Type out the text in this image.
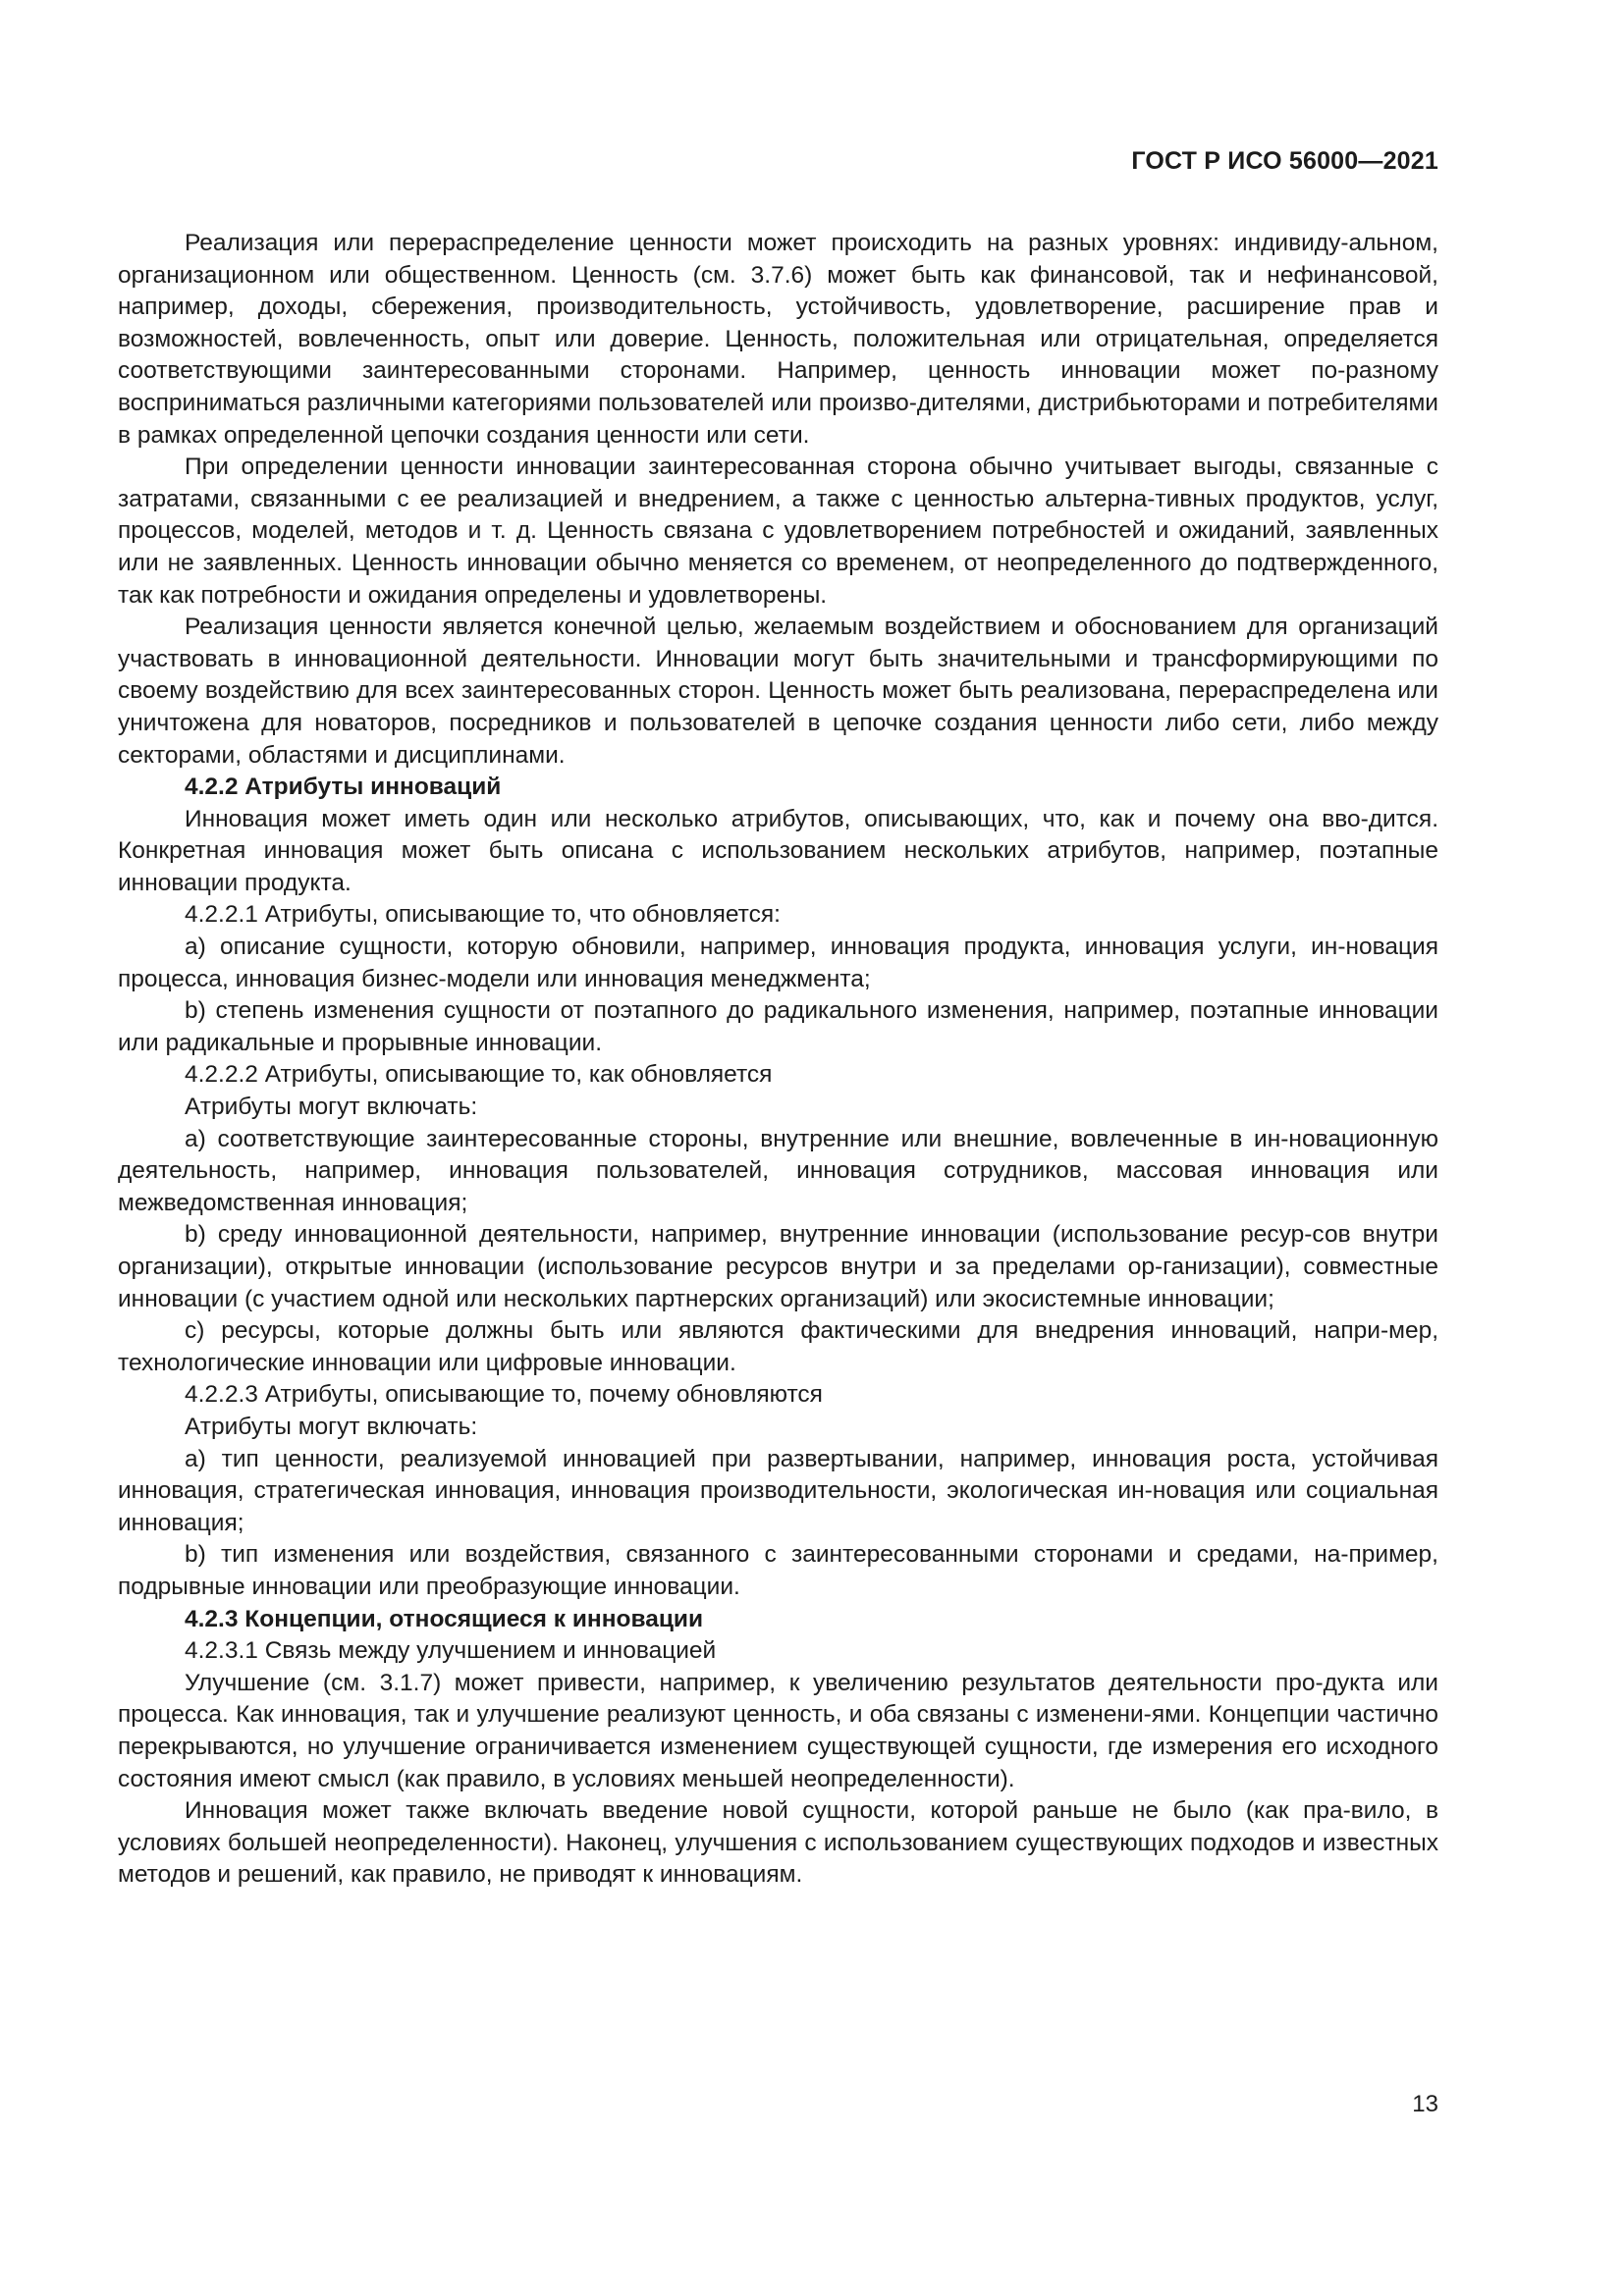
ГОСТ Р ИСО 56000—2021

Реализация или перераспределение ценности может происходить на разных уровнях: индивиду-альном, организационном или общественном. Ценность (см. 3.7.6) может быть как финансовой, так и нефинансовой, например, доходы, сбережения, производительность, устойчивость, удовлетворение, расширение прав и возможностей, вовлеченность, опыт или доверие. Ценность, положительная или отрицательная, определяется соответствующими заинтересованными сторонами. Например, ценность инновации может по-разному восприниматься различными категориями пользователей или произво-дителями, дистрибьюторами и потребителями в рамках определенной цепочки создания ценности или сети.

При определении ценности инновации заинтересованная сторона обычно учитывает выгоды, связанные с затратами, связанными с ее реализацией и внедрением, а также с ценностью альтерна-тивных продуктов, услуг, процессов, моделей, методов и т. д. Ценность связана с удовлетворением потребностей и ожиданий, заявленных или не заявленных. Ценность инновации обычно меняется со временем, от неопределенного до подтвержденного, так как потребности и ожидания определены и удовлетворены.

Реализация ценности является конечной целью, желаемым воздействием и обоснованием для организаций участвовать в инновационной деятельности. Инновации могут быть значительными и трансформирующими по своему воздействию для всех заинтересованных сторон. Ценность может быть реализована, перераспределена или уничтожена для новаторов, посредников и пользователей в цепочке создания ценности либо сети, либо между секторами, областями и дисциплинами.

4.2.2 Атрибуты инноваций

Инновация может иметь один или несколько атрибутов, описывающих, что, как и почему она вво-дится. Конкретная инновация может быть описана с использованием нескольких атрибутов, например, поэтапные инновации продукта.

4.2.2.1 Атрибуты, описывающие то, что обновляется:

а) описание сущности, которую обновили, например, инновация продукта, инновация услуги, ин-новация процесса, инновация бизнес-модели или инновация менеджмента;

b) степень изменения сущности от поэтапного до радикального изменения, например, поэтапные инновации или радикальные и прорывные инновации.

4.2.2.2 Атрибуты, описывающие то, как обновляется

Атрибуты могут включать:

а) соответствующие заинтересованные стороны, внутренние или внешние, вовлеченные в ин-новационную деятельность, например, инновация пользователей, инновация сотрудников, массовая инновация или межведомственная инновация;

b) среду инновационной деятельности, например, внутренние инновации (использование ресур-сов внутри организации), открытые инновации (использование ресурсов внутри и за пределами ор-ганизации), совместные инновации (с участием одной или нескольких партнерских организаций) или экосистемные инновации;

c) ресурсы, которые должны быть или являются фактическими для внедрения инноваций, напри-мер, технологические инновации или цифровые инновации.

4.2.2.3 Атрибуты, описывающие то, почему обновляются

Атрибуты могут включать:

а) тип ценности, реализуемой инновацией при развертывании, например, инновация роста, устойчивая инновация, стратегическая инновация, инновация производительности, экологическая ин-новация или социальная инновация;

b) тип изменения или воздействия, связанного с заинтересованными сторонами и средами, на-пример, подрывные инновации или преобразующие инновации.

4.2.3 Концепции, относящиеся к инновации

4.2.3.1 Связь между улучшением и инновацией

Улучшение (см. 3.1.7) может привести, например, к увеличению результатов деятельности про-дукта или процесса. Как инновация, так и улучшение реализуют ценность, и оба связаны с изменени-ями. Концепции частично перекрываются, но улучшение ограничивается изменением существующей сущности, где измерения его исходного состояния имеют смысл (как правило, в условиях меньшей неопределенности).

Инновация может также включать введение новой сущности, которой раньше не было (как пра-вило, в условиях большей неопределенности). Наконец, улучшения с использованием существующих подходов и известных методов и решений, как правило, не приводят к инновациям.

13
